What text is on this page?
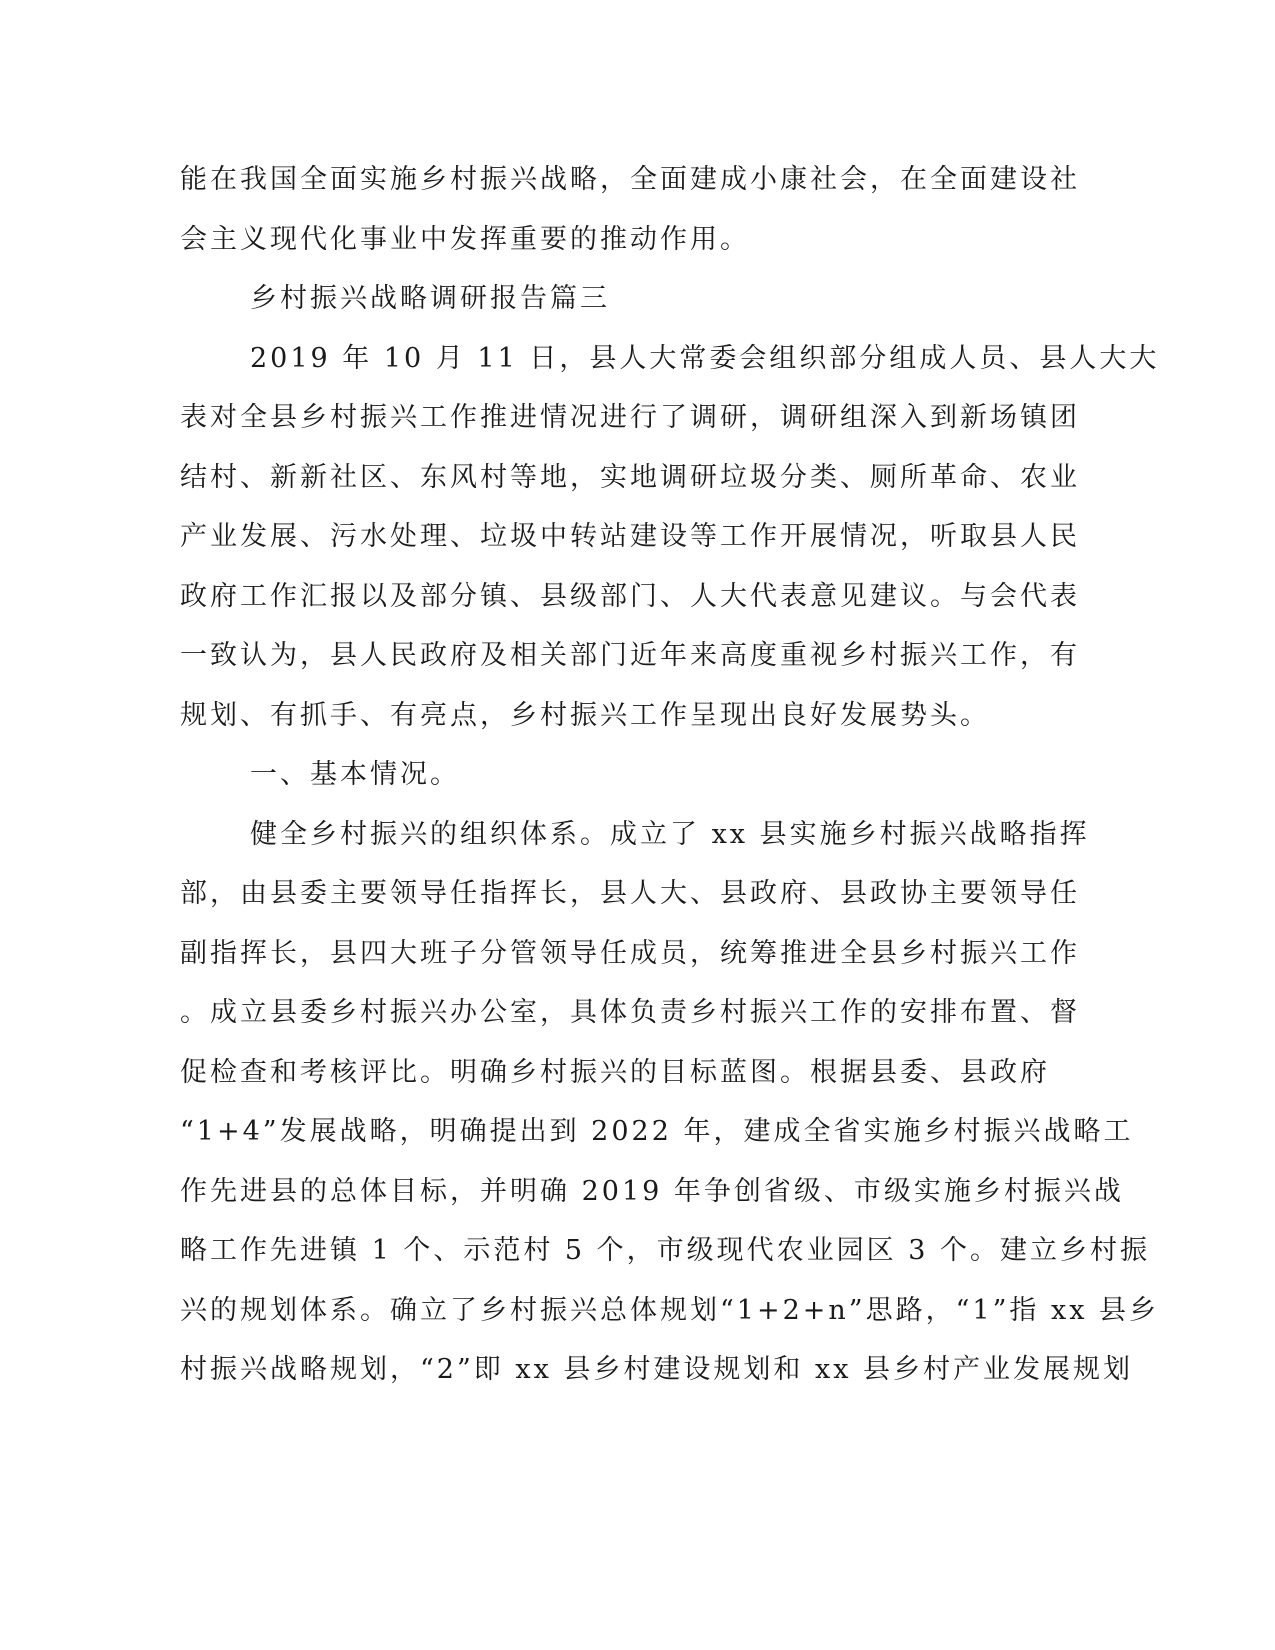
能在我国全面实施乡村振兴战略，全面建成小康社会，在全面建设社
会主义现代化事业中发挥重要的推动作用。
乡村振兴战略调研报告篇三
2019 年 10 月 11 日，县人大常委会组织部分组成人员、县人大大
表对全县乡村振兴工作推进情况进行了调研，调研组深入到新场镇团
结村、新新社区、东风村等地，实地调研垃圾分类、厕所革命、农业
产业发展、污水处理、垃圾中转站建设等工作开展情况，听取县人民
政府工作汇报以及部分镇、县级部门、人大代表意见建议。与会代表
一致认为，县人民政府及相关部门近年来高度重视乡村振兴工作，有
规划、有抓手、有亮点，乡村振兴工作呈现出良好发展势头。
一、基本情况。
健全乡村振兴的组织体系。成立了 xx 县实施乡村振兴战略指挥
部，由县委主要领导任指挥长，县人大、县政府、县政协主要领导任
副指挥长，县四大班子分管领导任成员，统筹推进全县乡村振兴工作
。成立县委乡村振兴办公室，具体负责乡村振兴工作的安排布置、督
促检查和考核评比。明确乡村振兴的目标蓝图。根据县委、县政府
“1+4”发展战略，明确提出到 2022 年，建成全省实施乡村振兴战略工
作先进县的总体目标，并明确 2019 年争创省级、市级实施乡村振兴战
略工作先进镇 1 个、示范村 5 个，市级现代农业园区 3 个。建立乡村振
兴的规划体系。确立了乡村振兴总体规划“1+2+n”思路，“1”指 xx 县乡
村振兴战略规划，“2”即 xx 县乡村建设规划和 xx 县乡村产业发展规划
